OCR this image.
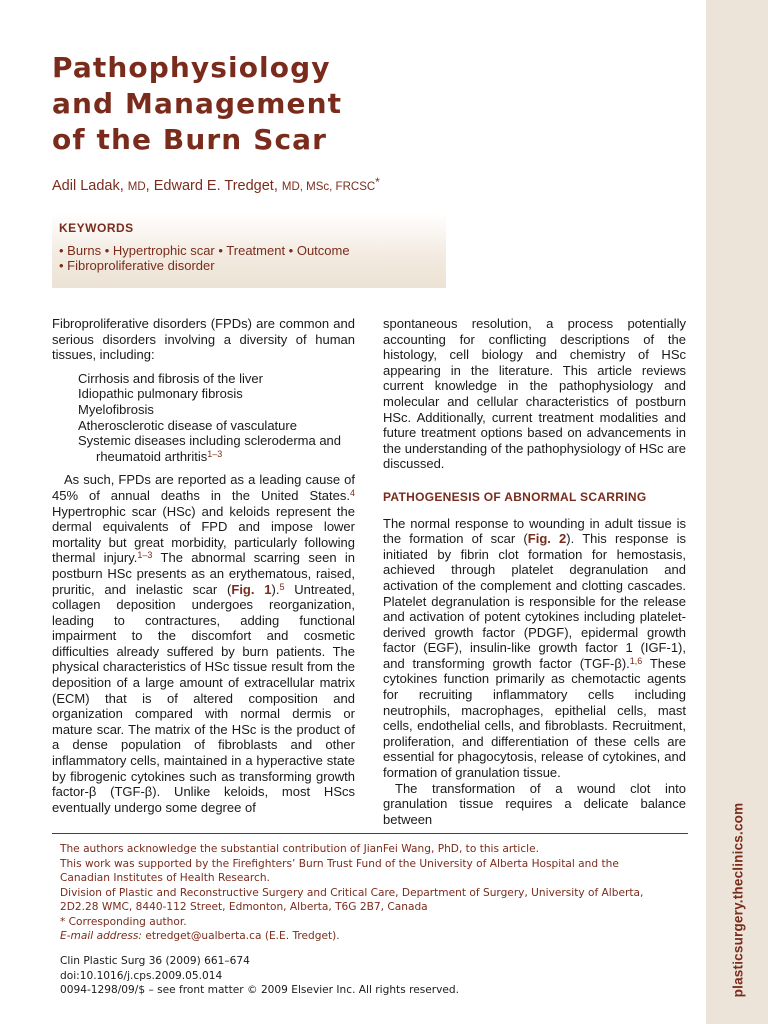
plasticsurgery.theclinics.com
Pathophysiology
and Management
of the Burn Scar
Adil Ladak, MD, Edward E. Tredget, MD, MSc, FRCSC*
KEYWORDS
• Burns • Hypertrophic scar • Treatment • Outcome
• Fibroproliferative disorder

Fibroproliferative disorders (FPDs) are common and serious disorders involving a diversity of human tissues, including:

Cirrhosis and fibrosis of the liver
Idiopathic pulmonary fibrosis
Myelofibrosis
Atherosclerotic disease of vasculature
Systemic diseases including scleroderma and rheumatoid arthritis$^{1-3}$

As such, FPDs are reported as a leading cause of 45% of annual deaths in the United States.$^4$ Hypertrophic scar (HSc) and keloids represent the dermal equivalents of FPD and impose lower mortality but great morbidity, particularly following thermal injury.$^{1-3}$ The abnormal scarring seen in postburn HSc presents as an erythematous, raised, pruritic, and inelastic scar (Fig. 1).$^5$ Untreated, collagen deposition undergoes reorganization, leading to contractures, adding functional impairment to the discomfort and cosmetic difficulties already suffered by burn patients. The physical characteristics of HSc tissue result from the deposition of a large amount of extracellular matrix (ECM) that is of altered composition and organization compared with normal dermis or mature scar. The matrix of the HSc is the product of a dense population of fibroblasts and other inflammatory cells, maintained in a hyperactive state by fibrogenic cytokines such as transforming growth factor-β (TGF-β). Unlike keloids, most HScs eventually undergo some degree of

spontaneous resolution, a process potentially accounting for conflicting descriptions of the histology, cell biology and chemistry of HSc appearing in the literature. This article reviews current knowledge in the pathophysiology and molecular and cellular characteristics of postburn HSc. Additionally, current treatment modalities and future treatment options based on advancements in the understanding of the pathophysiology of HSc are discussed.

PATHOGENESIS OF ABNORMAL SCARRING

The normal response to wounding in adult tissue is the formation of scar (Fig. 2). This response is initiated by fibrin clot formation for hemostasis, achieved through platelet degranulation and activation of the complement and clotting cascades. Platelet degranulation is responsible for the release and activation of potent cytokines including platelet-derived growth factor (PDGF), epidermal growth factor (EGF), insulin-like growth factor 1 (IGF-1), and transforming growth factor (TGF-β).$^{1,6}$ These cytokines function primarily as chemotactic agents for recruiting inflammatory cells including neutrophils, macrophages, epithelial cells, mast cells, endothelial cells, and fibroblasts. Recruitment, proliferation, and differentiation of these cells are essential for phagocytosis, release of cytokines, and formation of granulation tissue.

The transformation of a wound clot into granulation tissue requires a delicate balance between

The authors acknowledge the substantial contribution of JianFei Wang, PhD, to this article.
This work was supported by the Firefighters’ Burn Trust Fund of the University of Alberta Hospital and the
Canadian Institutes of Health Research.
Division of Plastic and Reconstructive Surgery and Critical Care, Department of Surgery, University of Alberta,
2D2.28 WMC, 8440-112 Street, Edmonton, Alberta, T6G 2B7, Canada
* Corresponding author.
E-mail address: etredget@ualberta.ca (E.E. Tredget).
Clin Plastic Surg 36 (2009) 661–674
doi:10.1016/j.cps.2009.05.014
0094-1298/09/$ – see front matter © 2009 Elsevier Inc. All rights reserved.
